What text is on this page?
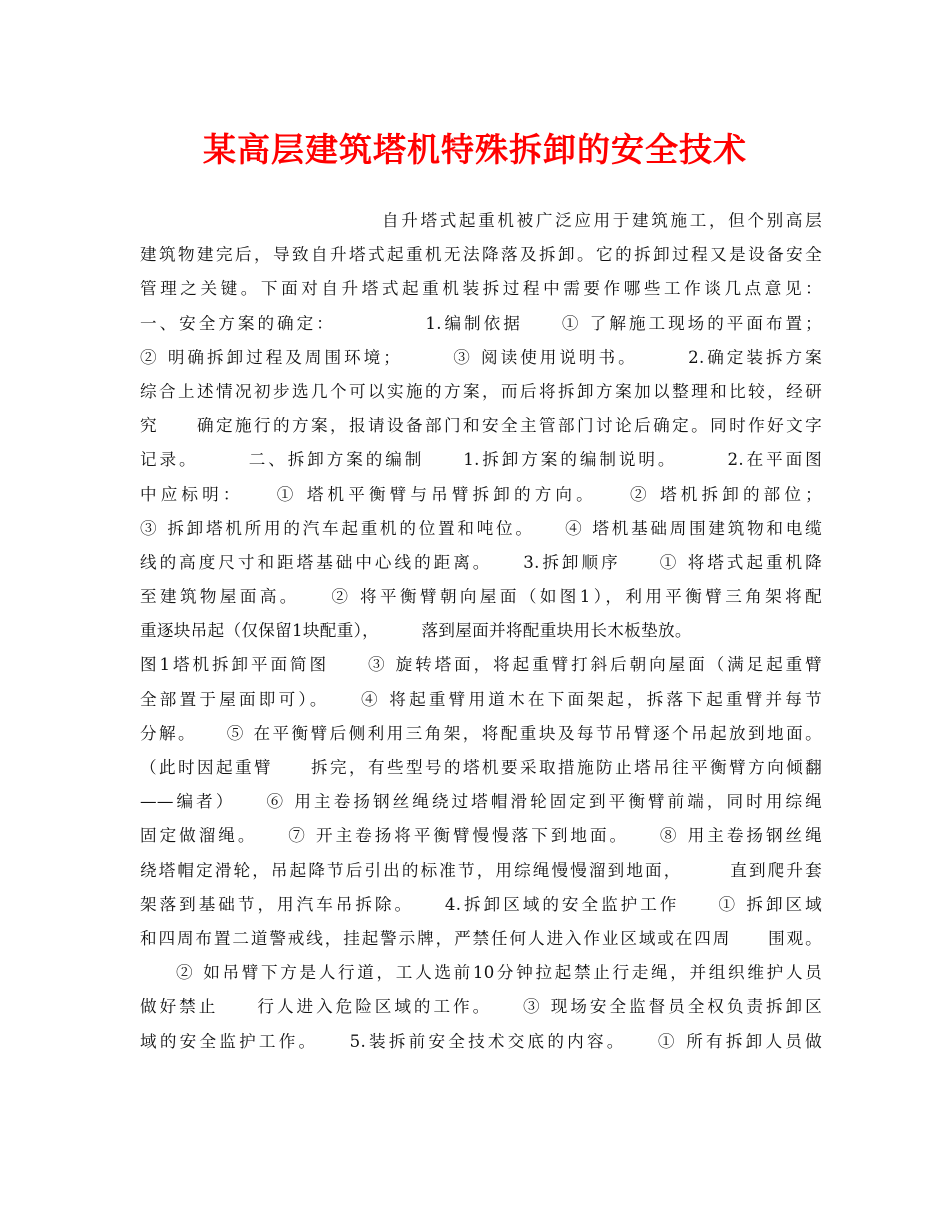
某高层建筑塔机特殊拆卸的安全技术
自升塔式起重机被广泛应用于建筑施工，但个别高层
建筑物建完后，导致自升塔式起重机无法降落及拆卸。它的拆卸过程又是设备安全
管理之关键。下面对自升塔式起重机装拆过程中需要作哪些工作谈几点意见：
一、安全方案的确定：　　　　　1.编制依据　　① 了解施工现场的平面布置；
② 明确拆卸过程及周围环境；　　　③ 阅读使用说明书。　　　2.确定装拆方案
综合上述情况初步选几个可以实施的方案，而后将拆卸方案加以整理和比较，经研
究　　确定施行的方案，报请设备部门和安全主管部门讨论后确定。同时作好文字
记录。　　　二、拆卸方案的编制　　1.拆卸方案的编制说明。　　　2.在平面图
中应标明：　　① 塔机平衡臂与吊臂拆卸的方向。　　② 塔机拆卸的部位；
③ 拆卸塔机所用的汽车起重机的位置和吨位。　　④ 塔机基础周围建筑物和电缆
线的高度尺寸和距塔基础中心线的距离。　　3.拆卸顺序　　① 将塔式起重机降
至建筑物屋面高。　　② 将平衡臂朝向屋面（如图1），利用平衡臂三角架将配
重逐块吊起（仅保留1块配重），　　　落到屋面并将配重块用长木板垫放。
图1塔机拆卸平面简图　　③ 旋转塔面，将起重臂打斜后朝向屋面（满足起重臂
全部置于屋面即可）。　　④ 将起重臂用道木在下面架起，拆落下起重臂并每节
分解。　　⑤ 在平衡臂后侧利用三角架，将配重块及每节吊臂逐个吊起放到地面。
（此时因起重臂　　拆完，有些型号的塔机要采取措施防止塔吊往平衡臂方向倾翻
——编者）　　⑥ 用主卷扬钢丝绳绕过塔帽滑轮固定到平衡臂前端，同时用综绳
固定做溜绳。　　⑦ 开主卷扬将平衡臂慢慢落下到地面。　　⑧ 用主卷扬钢丝绳
绕塔帽定滑轮，吊起降节后引出的标准节，用综绳慢慢溜到地面，　　　直到爬升套
架落到基础节，用汽车吊拆除。　　4.拆卸区域的安全监护工作　　① 拆卸区域
和四周布置二道警戒线，挂起警示牌，严禁任何人进入作业区域或在四周　　围观。
② 如吊臂下方是人行道，工人选前10分钟拉起禁止行走绳，并组织维护人员
做好禁止　　行人进入危险区域的工作。　　③ 现场安全监督员全权负责拆卸区
域的安全监护工作。　　5.装拆前安全技术交底的内容。　　① 所有拆卸人员做
